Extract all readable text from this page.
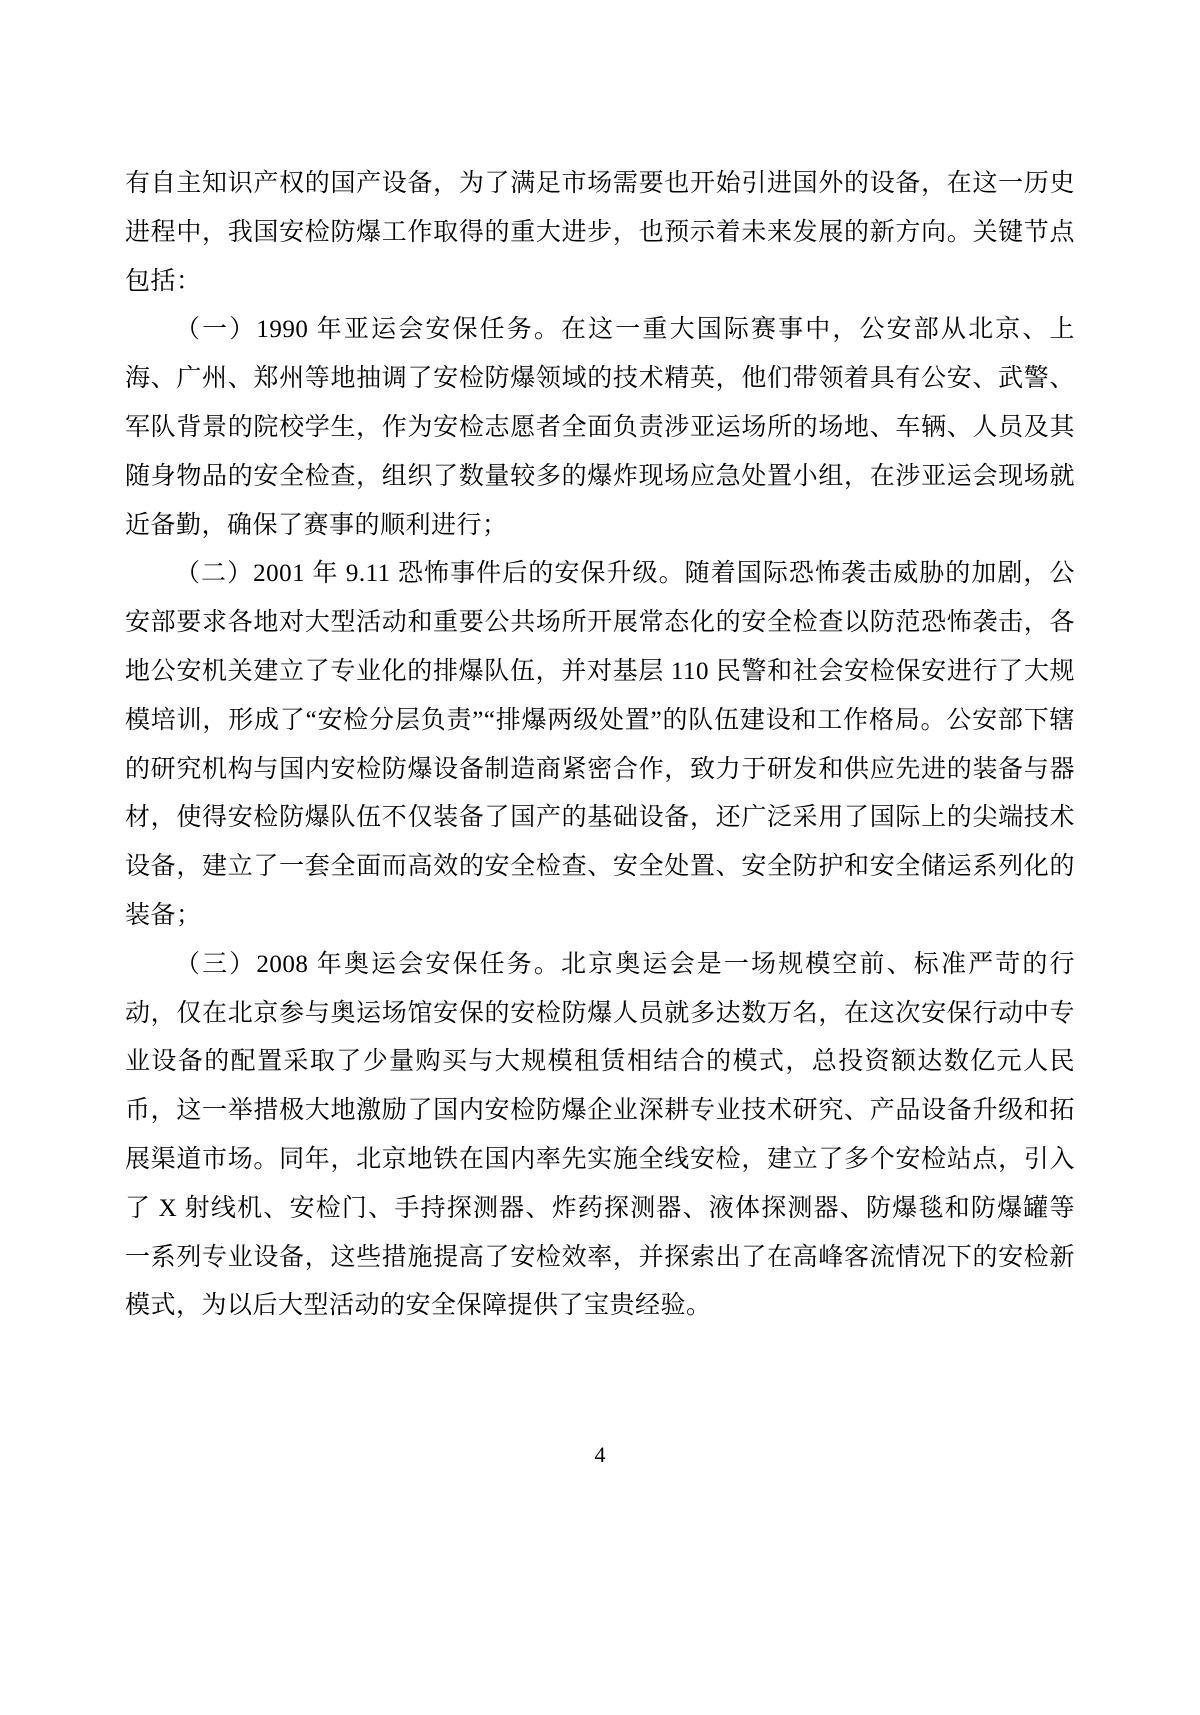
有自主知识产权的国产设备，为了满足市场需要也开始引进国外的设备，在这一历史进程中，我国安检防爆工作取得的重大进步，也预示着未来发展的新方向。关键节点包括：

（一）1990 年亚运会安保任务。在这一重大国际赛事中，公安部从北京、上海、广州、郑州等地抽调了安检防爆领域的技术精英，他们带领着具有公安、武警、军队背景的院校学生，作为安检志愿者全面负责涉亚运场所的场地、车辆、人员及其随身物品的安全检查，组织了数量较多的爆炸现场应急处置小组，在涉亚运会现场就近备勤，确保了赛事的顺利进行；

（二）2001 年 9.11 恐怖事件后的安保升级。随着国际恐怖袭击威胁的加剧，公安部要求各地对大型活动和重要公共场所开展常态化的安全检查以防范恐怖袭击，各地公安机关建立了专业化的排爆队伍，并对基层 110 民警和社会安检保安进行了大规模培训，形成了“安检分层负责”“排爆两级处置”的队伍建设和工作格局。公安部下辖的研究机构与国内安检防爆设备制造商紧密合作，致力于研发和供应先进的装备与器材，使得安检防爆队伍不仅装备了国产的基础设备，还广泛采用了国际上的尖端技术设备，建立了一套全面而高效的安全检查、安全处置、安全防护和安全储运系列化的装备；

（三）2008 年奥运会安保任务。北京奥运会是一场规模空前、标准严苛的行动，仅在北京参与奥运场馆安保的安检防爆人员就多达数万名，在这次安保行动中专业设备的配置采取了少量购买与大规模租赁相结合的模式，总投资额达数亿元人民币，这一举措极大地激励了国内安检防爆企业深耕专业技术研究、产品设备升级和拓展渠道市场。同年，北京地铁在国内率先实施全线安检，建立了多个安检站点，引入了 X 射线机、安检门、手持探测器、炸药探测器、液体探测器、防爆毯和防爆罐等一系列专业设备，这些措施提高了安检效率，并探索出了在高峰客流情况下的安检新模式，为以后大型活动的安全保障提供了宝贵经验。

4
